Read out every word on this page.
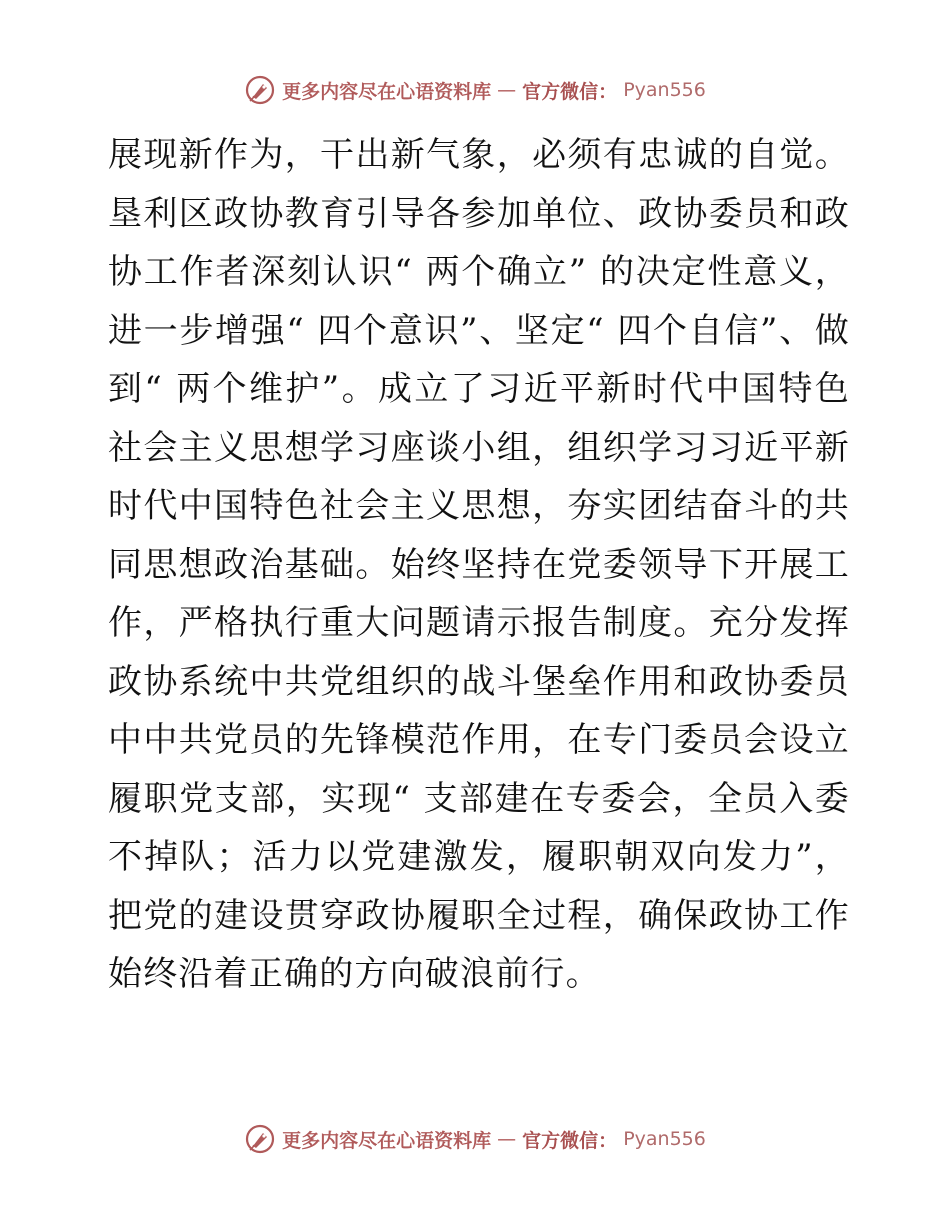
更多内容尽在心语资料库 — 官方微信： Pyan556

展现新作为，干出新气象，必须有忠诚的自觉。垦利区政协教育引导各参加单位、政协委员和政协工作者深刻认识“ 两个确立” 的决定性意义，进一步增强“ 四个意识”、坚定“ 四个自信”、做到“ 两个维护”。成立了习近平新时代中国特色社会主义思想学习座谈小组，组织学习习近平新时代中国特色社会主义思想，夯实团结奋斗的共同思想政治基础。始终坚持在党委领导下开展工作，严格执行重大问题请示报告制度。充分发挥政协系统中共党组织的战斗堡垒作用和政协委员中中共党员的先锋模范作用，在专门委员会设立履职党支部，实现“ 支部建在专委会，全员入委不掉队；活力以党建激发，履职朝双向发力”，把党的建设贯穿政协履职全过程，确保政协工作始终沿着正确的方向破浪前行。

更多内容尽在心语资料库 — 官方微信： Pyan556
